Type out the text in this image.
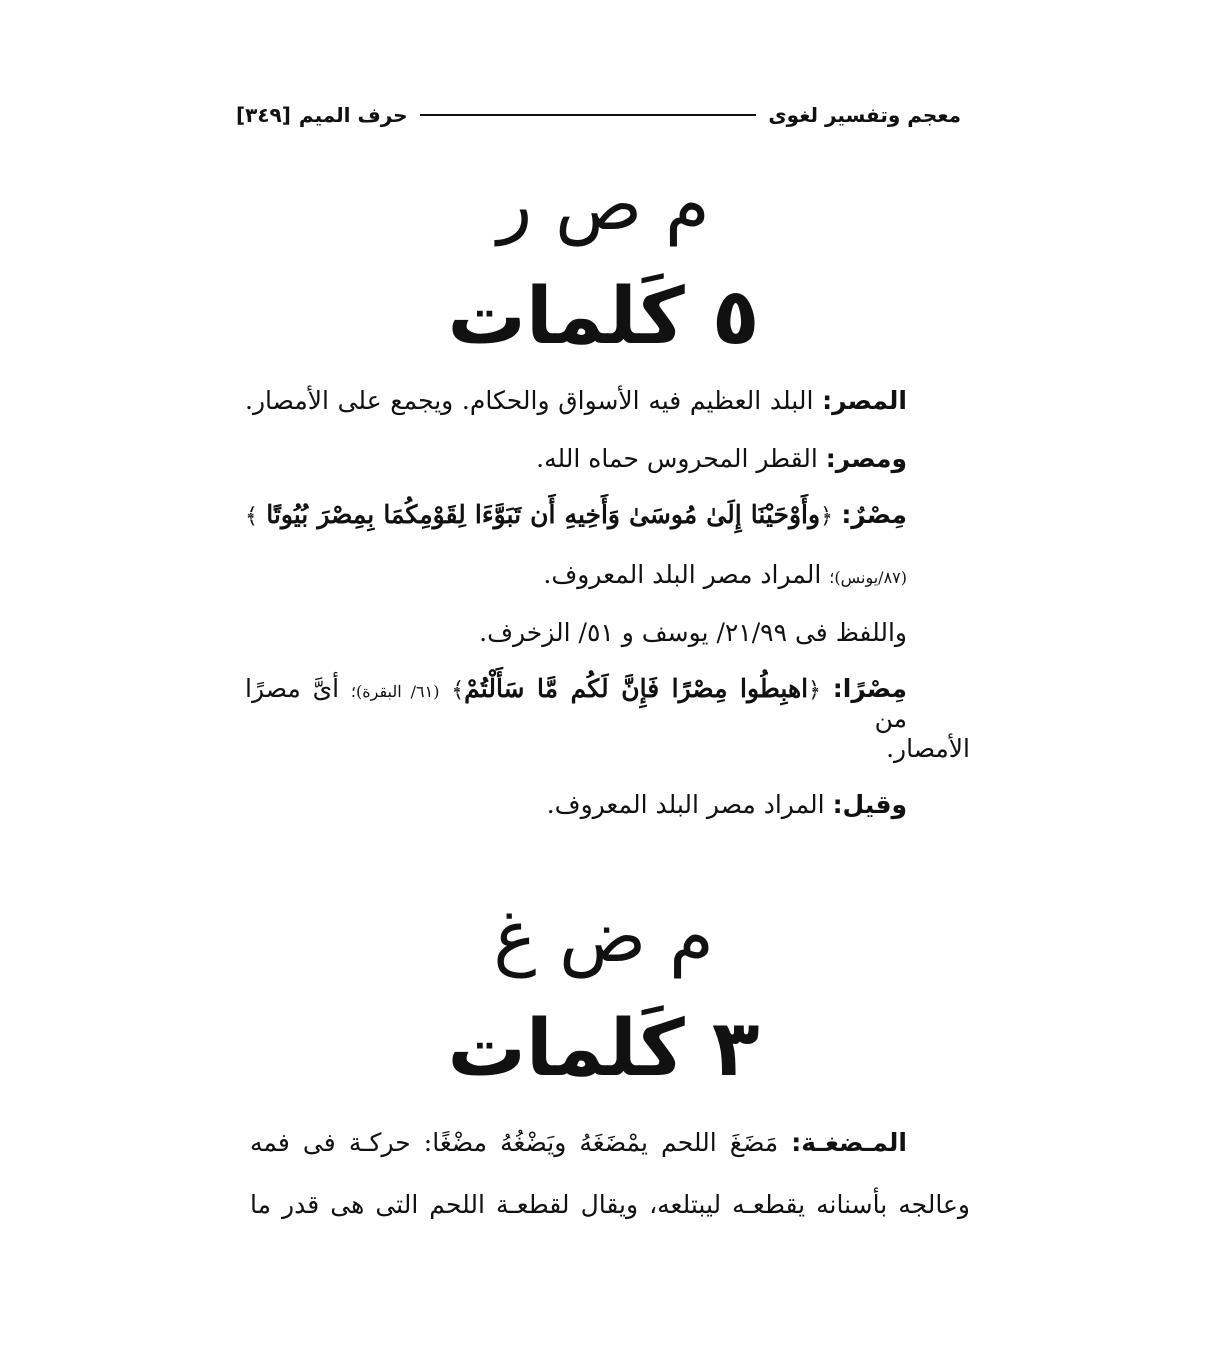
معجم وتفسير لغوى
حرف الميم
[٣٤٩]
م ص ر
٥ كَلمات
المصر: البلد العظيم فيه الأسواق والحكام. ويجمع على الأمصار.
ومصر: القطر المحروس حماه الله.
مِصْرٌ: ﴿وأَوْحَيْنَا إِلَىٰ مُوسَىٰ وَأَخِيهِ أَن تَبَوَّءَا لِقَوْمِكُمَا بِمِصْرَ بُيُوتًا ﴾
(٨٧/يونس)؛ المراد مصر البلد المعروف.
واللفظ فى ٢١/٩٩/ يوسف و ٥١/ الزخرف.
مِصْرًا: ﴿اهبِطُوا مِصْرًا فَإِنَّ لَكُم مَّا سَأَلْتُمْ﴾ (٦١/ البقرة)؛ أىَّ مصرًا من
الأمصار.
وقيل: المراد مصر البلد المعروف.
م ض غ
٣ كَلمات
المـضغـة: مَضَغَ اللحم يمْضَغَهُ ويَضْغُهُ مضْغًا: حركـة فى فمه
وعالجه بأسنانه يقطعـه ليبتلعه، ويقال لقطعـة اللحم التى هى قدر ما
